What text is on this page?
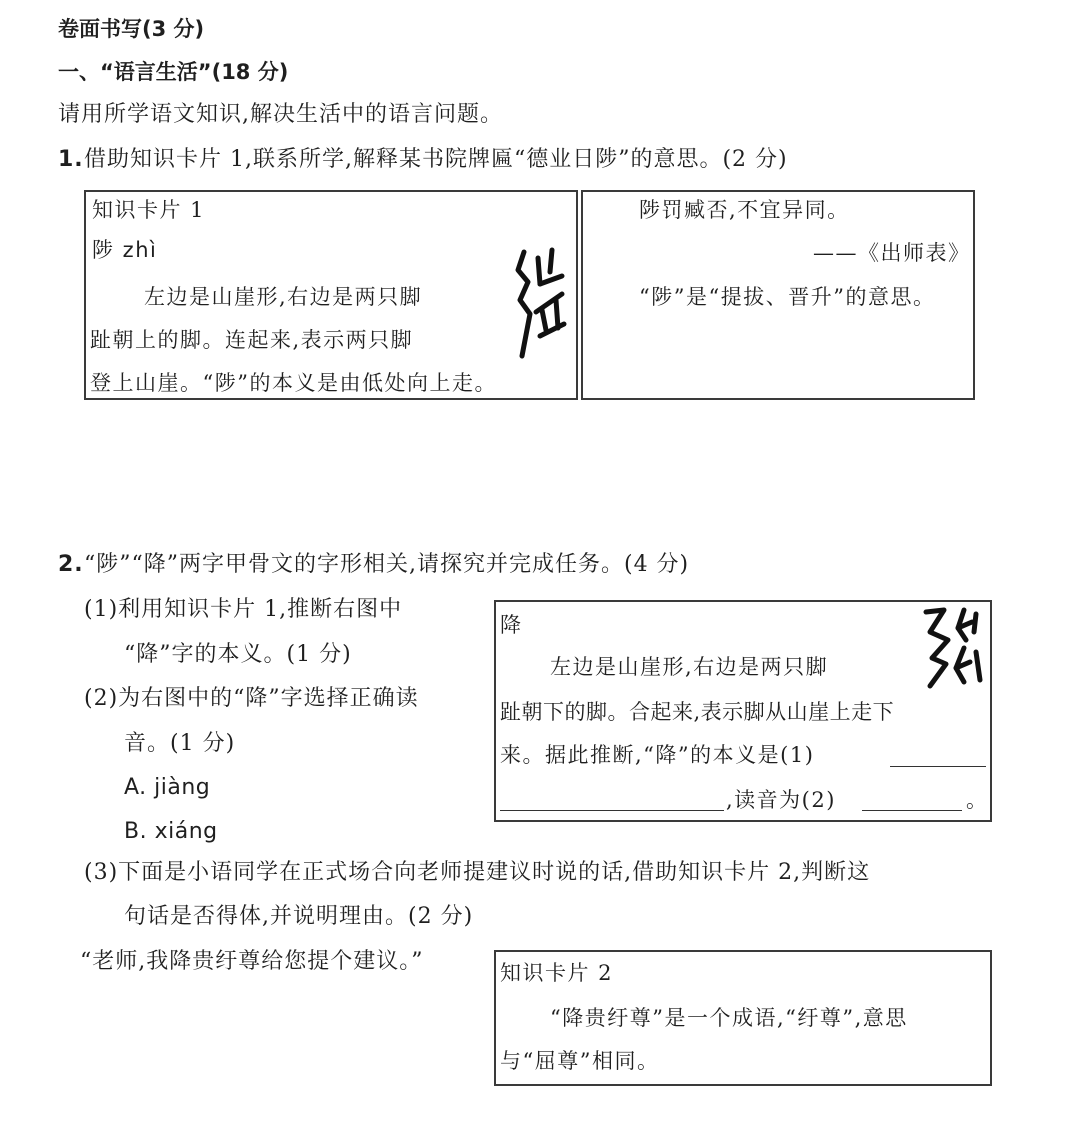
卷面书写(3 分)
一、“语言生活”(18 分)
请用所学语文知识,解决生活中的语言问题。
1. 借助知识卡片 1,联系所学,解释某书院牌匾“德业日陟”的意思。(2 分)
知识卡片 1
陟 zhì
左边是山崖形,右边是两只脚
趾朝上的脚。连起来,表示两只脚
登上山崖。“陟”的本义是由低处向上走。
陟罚臧否,不宜异同。
——《出师表》
“陟”是“提拔、晋升”的意思。
2. “陟”“降”两字甲骨文的字形相关,请探究并完成任务。(4 分)
(1)利用知识卡片 1,推断右图中
“降”字的本义。(1 分)
(2)为右图中的“降”字选择正确读
音。(1 分)
A. jiàng
B. xiáng
降
左边是山崖形,右边是两只脚
趾朝下的脚。合起来,表示脚从山崖上走下
来。据此推断,“降”的本义是(1)
,读音为(2)	。
(3)下面是小语同学在正式场合向老师提建议时说的话,借助知识卡片 2,判断这
句话是否得体,并说明理由。(2 分)
“老师,我降贵纡尊给您提个建议。”	知识卡片 2
“降贵纡尊”是一个成语,“纡尊”,意思
与“屈尊”相同。
